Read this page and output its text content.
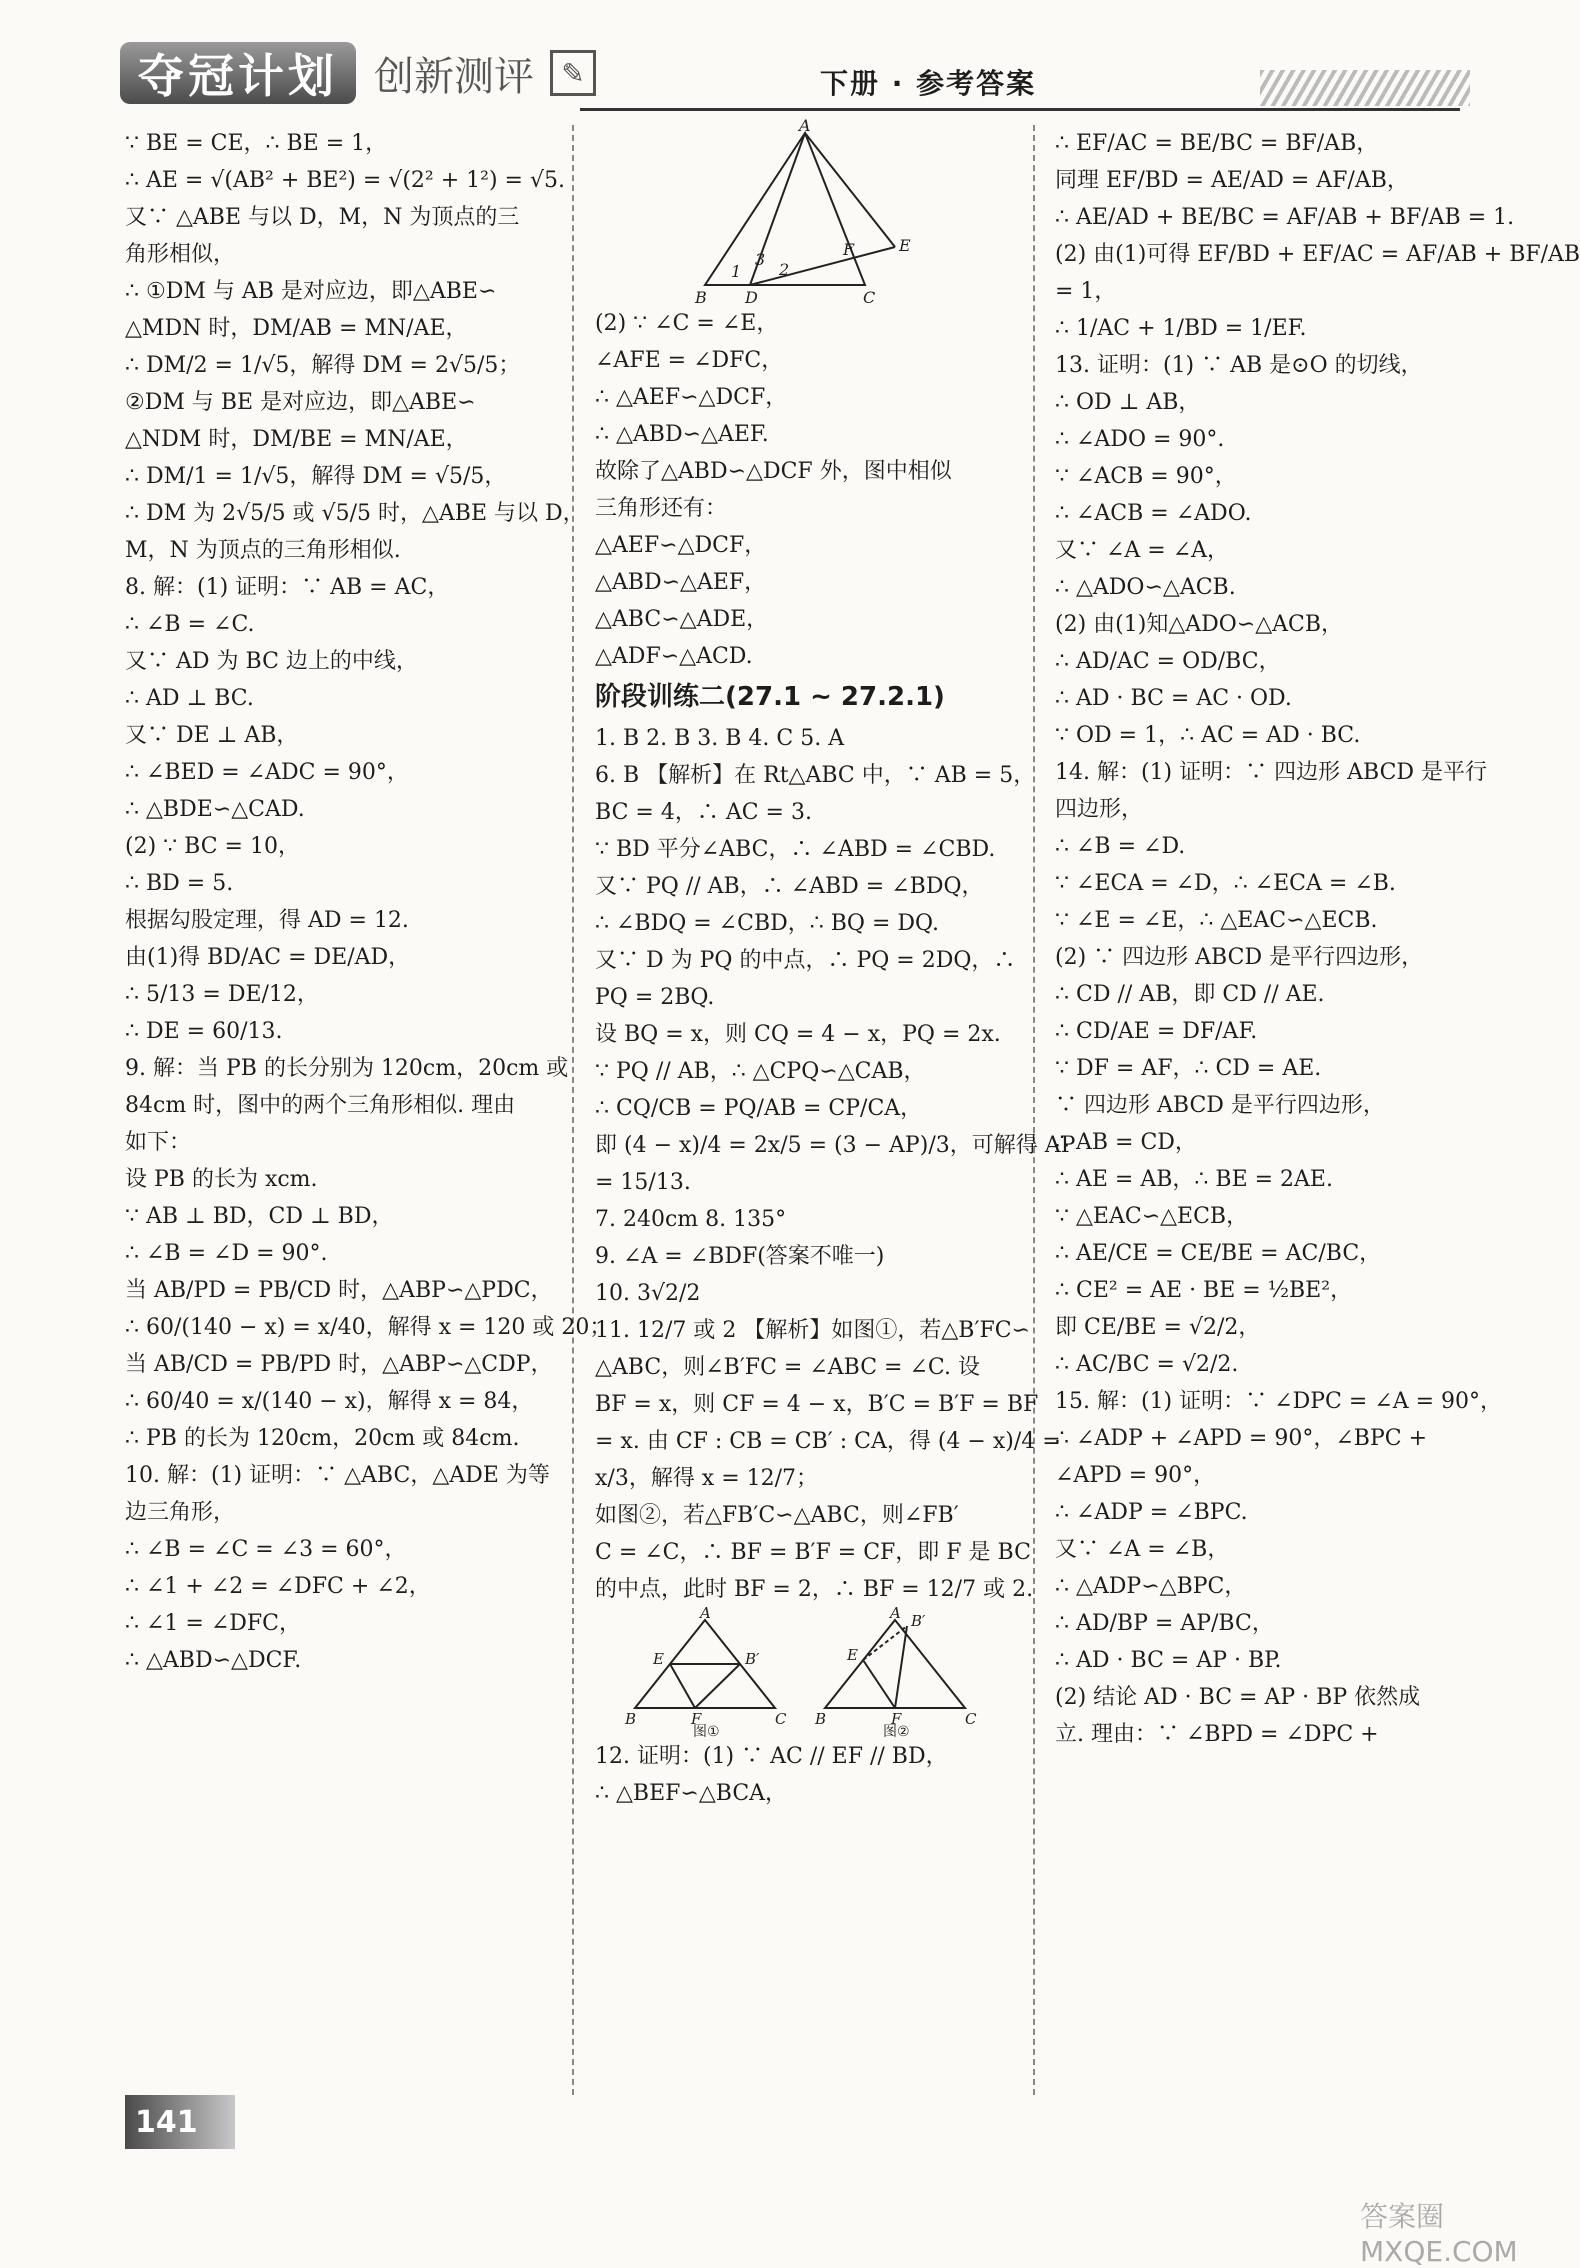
夺冠计划 创新测评 ✎	下册 · 参考答案
∵ BE = CE，∴ BE = 1，
∴ AE = √(AB² + BE²) = √(2² + 1²) = √5.
又∵ △ABE 与以 D，M，N 为顶点的三
角形相似，
∴ ①DM 与 AB 是对应边，即△ABE∽
△MDN 时，DM/AB = MN/AE，
∴ DM/2 = 1/√5，解得 DM = 2√5/5；
②DM 与 BE 是对应边，即△ABE∽
△NDM 时，DM/BE = MN/AE，
∴ DM/1 = 1/√5，解得 DM = √5/5，
∴ DM 为 2√5/5 或 √5/5 时，△ABE 与以 D，
M，N 为顶点的三角形相似.
8. 解：(1) 证明：∵ AB = AC，
∴ ∠B = ∠C.
又∵ AD 为 BC 边上的中线，
∴ AD ⊥ BC.
又∵ DE ⊥ AB，
∴ ∠BED = ∠ADC = 90°，
∴ △BDE∽△CAD.
(2) ∵ BC = 10，
∴ BD = 5.
根据勾股定理，得 AD = 12.
由(1)得 BD/AC = DE/AD，
∴ 5/13 = DE/12，
∴ DE = 60/13.
9. 解：当 PB 的长分别为 120cm，20cm 或
84cm 时，图中的两个三角形相似. 理由
如下：
设 PB 的长为 xcm.
∵ AB ⊥ BD，CD ⊥ BD，
∴ ∠B = ∠D = 90°.
当 AB/PD = PB/CD 时，△ABP∽△PDC，
∴ 60/(140 − x) = x/40，解得 x = 120 或 20；
当 AB/CD = PB/PD 时，△ABP∽△CDP，
∴ 60/40 = x/(140 − x)，解得 x = 84，
∴ PB 的长为 120cm，20cm 或 84cm.
10. 解：(1) 证明：∵ △ABC，△ADE 为等
边三角形，
∴ ∠B = ∠C = ∠3 = 60°，
∴ ∠1 + ∠2 = ∠DFC + ∠2，
∴ ∠1 = ∠DFC，
∴ △ABD∽△DCF.
A
B D	C
E
F
1 2
3
(2) ∵ ∠C = ∠E，
∠AFE = ∠DFC，
∴ △AEF∽△DCF，
∴ △ABD∽△AEF.
故除了△ABD∽△DCF 外，图中相似
三角形还有：
△AEF∽△DCF，
△ABD∽△AEF，
△ABC∽△ADE，
△ADF∽△ACD.
阶段训练二(27.1 ~ 27.2.1)
1. B 2. B 3. B 4. C 5. A
6. B 【解析】在 Rt△ABC 中，∵ AB = 5，
BC = 4，∴ AC = 3.
∵ BD 平分∠ABC，∴ ∠ABD = ∠CBD.
又∵ PQ // AB，∴ ∠ABD = ∠BDQ，
∴ ∠BDQ = ∠CBD，∴ BQ = DQ.
又∵ D 为 PQ 的中点，∴ PQ = 2DQ，∴
PQ = 2BQ.
设 BQ = x，则 CQ = 4 − x，PQ = 2x.
∵ PQ // AB，∴ △CPQ∽△CAB，
∴ CQ/CB = PQ/AB = CP/CA，
即 (4 − x)/4 = 2x/5 = (3 − AP)/3，可解得 AP
= 15/13.
7. 240cm 8. 135°
9. ∠A = ∠BDF(答案不唯一)
10. 3√2/2
11. 12/7 或 2 【解析】如图①，若△B′FC∽
△ABC，则∠B′FC = ∠ABC = ∠C. 设
BF = x，则 CF = 4 − x，B′C = B′F = BF
= x. 由 CF : CB = CB′ : CA，得 (4 − x)/4 =
x/3，解得 x = 12/7；
如图②，若△FB′C∽△ABC，则∠FB′
C = ∠C，∴ BF = B′F = CF，即 F 是 BC
的中点，此时 BF = 2，∴ BF = 12/7 或 2.
A
E	B′
B	F	C
A B′
E
B	F	C
图①	图②
12. 证明：(1) ∵ AC // EF // BD，
∴ △BEF∽△BCA，
∴ EF/AC = BE/BC = BF/AB，
同理 EF/BD = AE/AD = AF/AB，
∴ AE/AD + BE/BC = AF/AB + BF/AB = 1.
(2) 由(1)可得 EF/BD + EF/AC = AF/AB + BF/AB
= 1，
∴ 1/AC + 1/BD = 1/EF.
13. 证明：(1) ∵ AB 是⊙O 的切线，
∴ OD ⊥ AB，
∴ ∠ADO = 90°.
∵ ∠ACB = 90°，
∴ ∠ACB = ∠ADO.
又∵ ∠A = ∠A，
∴ △ADO∽△ACB.
(2) 由(1)知△ADO∽△ACB，
∴ AD/AC = OD/BC，
∴ AD · BC = AC · OD.
∵ OD = 1，∴ AC = AD · BC.
14. 解：(1) 证明：∵ 四边形 ABCD 是平行
四边形，
∴ ∠B = ∠D.
∵ ∠ECA = ∠D，∴ ∠ECA = ∠B.
∵ ∠E = ∠E，∴ △EAC∽△ECB.
(2) ∵ 四边形 ABCD 是平行四边形，
∴ CD // AB，即 CD // AE.
∴ CD/AE = DF/AF.
∵ DF = AF，∴ CD = AE.
∵ 四边形 ABCD 是平行四边形，
∴ AB = CD，
∴ AE = AB，∴ BE = 2AE.
∵ △EAC∽△ECB，
∴ AE/CE = CE/BE = AC/BC，
∴ CE² = AE · BE = ½BE²，
即 CE/BE = √2/2，
∴ AC/BC = √2/2.
15. 解：(1) 证明：∵ ∠DPC = ∠A = 90°，
∴ ∠ADP + ∠APD = 90°，∠BPC +
∠APD = 90°，
∴ ∠ADP = ∠BPC.
又∵ ∠A = ∠B，
∴ △ADP∽△BPC，
∴ AD/BP = AP/BC，
∴ AD · BC = AP · BP.
(2) 结论 AD · BC = AP · BP 依然成
立. 理由：∵ ∠BPD = ∠DPC +
141
答案圈 MXQE.COM
